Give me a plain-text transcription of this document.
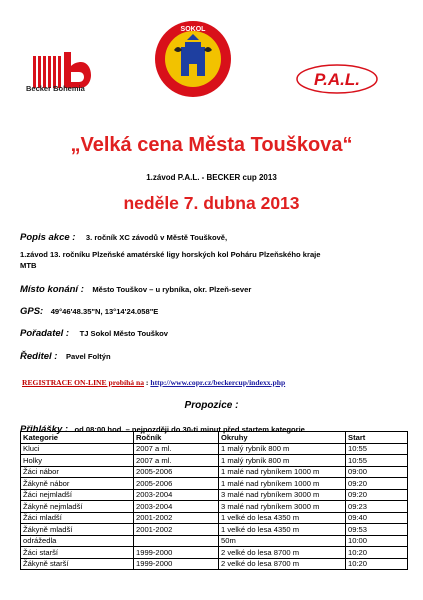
Becker Bohemia
SOKOL
P.A.L.
„Velká cena Města Touškova“
1.závod P.A.L. - BECKER cup 2013
neděle 7. dubna 2013
Popis akce : 3. ročník XC závodů v Městě Touškově,
1.závod 13. ročníku Plzeňské amatérské ligy horských kol Poháru Plzeňského kraje
MTB
Místo konání : Město Touškov – u rybníka, okr. Plzeň-sever
GPS: 49°46'48.35"N, 13°14'24.058"E
Pořadatel : TJ Sokol Město Touškov
Ředitel : Pavel Foltýn
REGISTRACE ON-LINE probíhá na : http://www.copr.cz/beckercup/indexx.php
Propozice :
Přihlášky : od 08:00 hod. – nejpozději do 30-ti minut před startem kategorie
Kategorie	Ročník	Okruhy	Start
Kluci	2007 a ml.	1 malý rybník 800 m	10:55
Holky	2007 a ml.	1 malý rybník 800 m	10:55
Žáci nábor	2005-2006	1 malé nad rybníkem 1000 m	09:00
Žákyně nábor	2005-2006	1 malé nad rybníkem 1000 m	09:20
Žáci nejmladší	2003-2004	3 malé nad rybníkem 3000 m	09:20
Žákyně nejmladší	2003-2004	3 malé nad rybníkem 3000 m	09:23
Žáci mladší	2001-2002	1 velké do lesa 4350 m	09:40
Žákyně mladší	2001-2002	1 velké do lesa 4350 m	09:53
odrážedla		50m	10:00
Žáci starší	1999-2000	2 velké do lesa 8700 m	10:20
Žákyně starší	1999-2000	2 velké do lesa 8700 m	10:20
